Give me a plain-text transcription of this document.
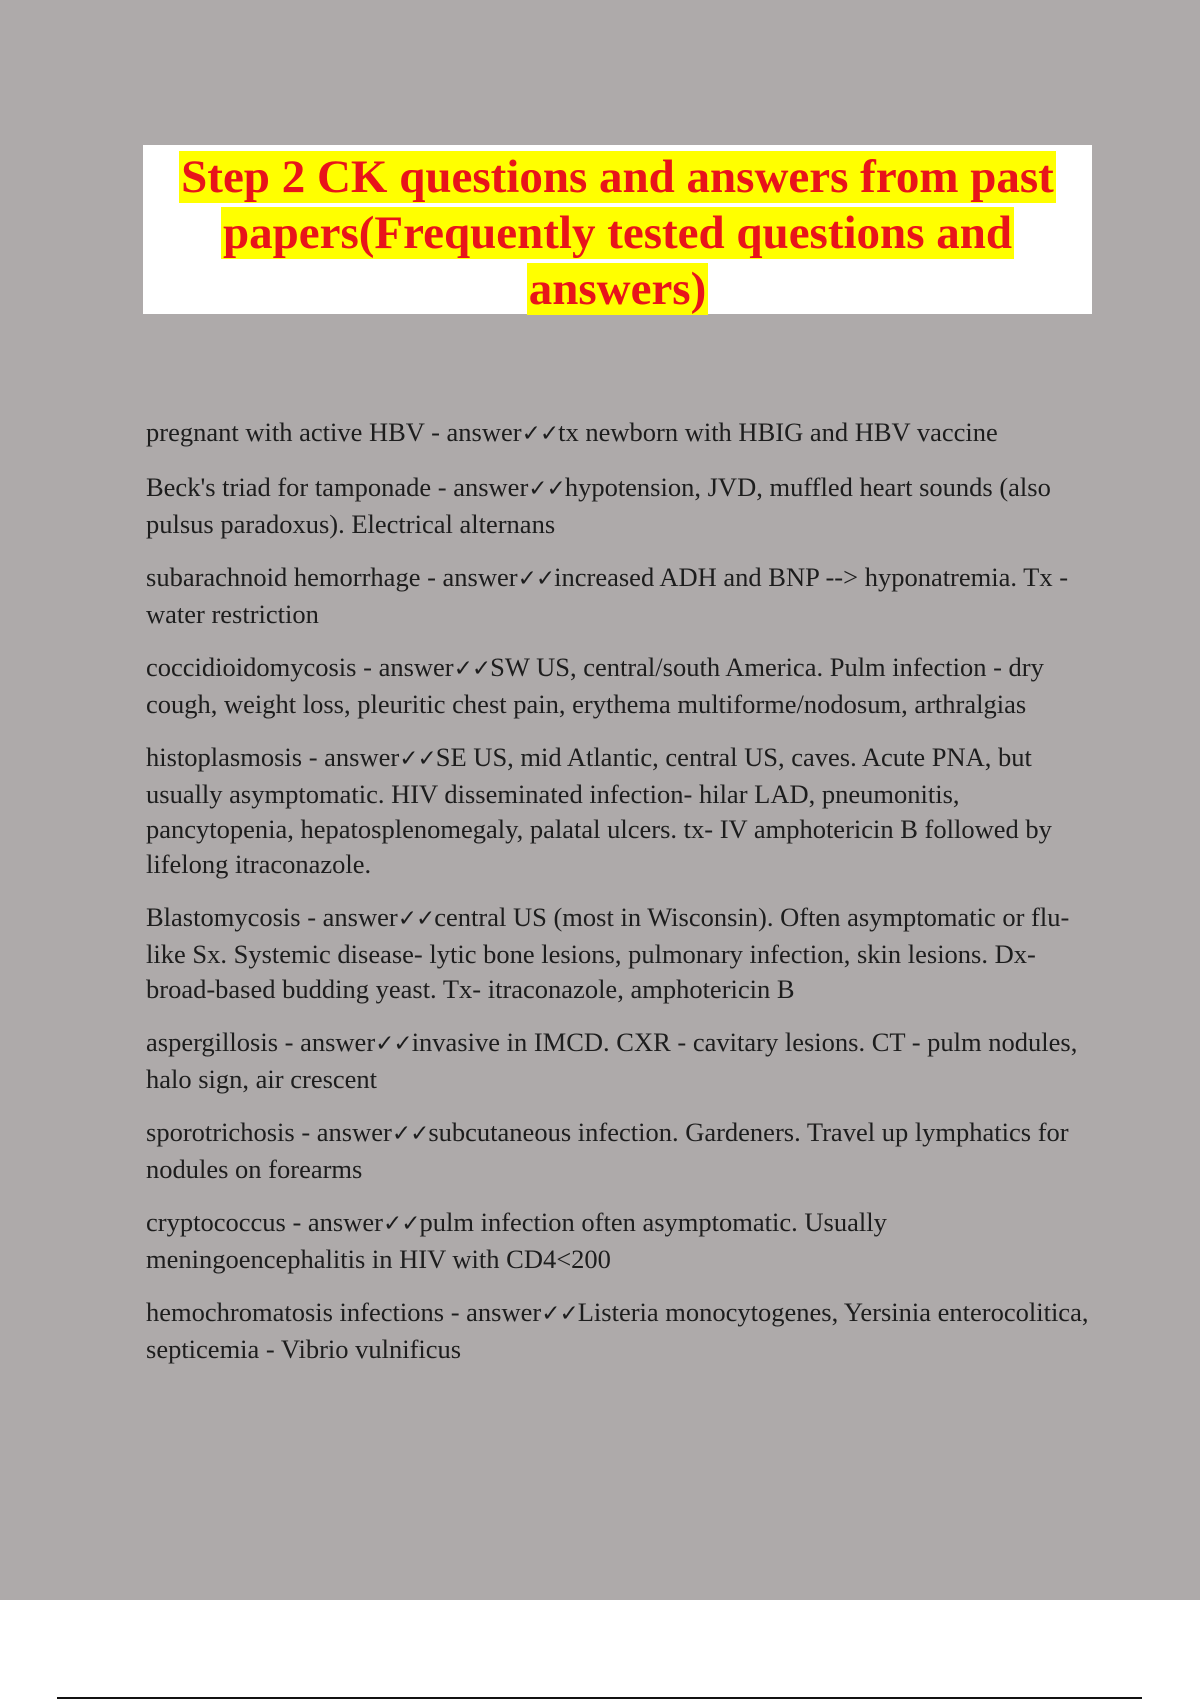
Step 2 CK questions and answers from past
papers(Frequently tested questions and
answers)

pregnant with active HBV - answer✓✓tx newborn with HBIG and HBV vaccine

Beck's triad for tamponade - answer✓✓hypotension, JVD, muffled heart sounds (also pulsus paradoxus). Electrical alternans

subarachnoid hemorrhage - answer✓✓increased ADH and BNP --> hyponatremia. Tx - water restriction

coccidioidomycosis - answer✓✓SW US, central/south America. Pulm infection - dry cough, weight loss, pleuritic chest pain, erythema multiforme/nodosum, arthralgias

histoplasmosis - answer✓✓SE US, mid Atlantic, central US, caves. Acute PNA, but usually asymptomatic. HIV disseminated infection- hilar LAD, pneumonitis, pancytopenia, hepatosplenomegaly, palatal ulcers. tx- IV amphotericin B followed by lifelong itraconazole.

Blastomycosis - answer✓✓central US (most in Wisconsin). Often asymptomatic or flu-like Sx. Systemic disease- lytic bone lesions, pulmonary infection, skin lesions. Dx- broad-based budding yeast. Tx- itraconazole, amphotericin B

aspergillosis - answer✓✓invasive in IMCD. CXR - cavitary lesions. CT - pulm nodules, halo sign, air crescent

sporotrichosis - answer✓✓subcutaneous infection. Gardeners. Travel up lymphatics for nodules on forearms

cryptococcus - answer✓✓pulm infection often asymptomatic. Usually meningoencephalitis in HIV with CD4<200

hemochromatosis infections - answer✓✓Listeria monocytogenes, Yersinia enterocolitica, septicemia - Vibrio vulnificus
